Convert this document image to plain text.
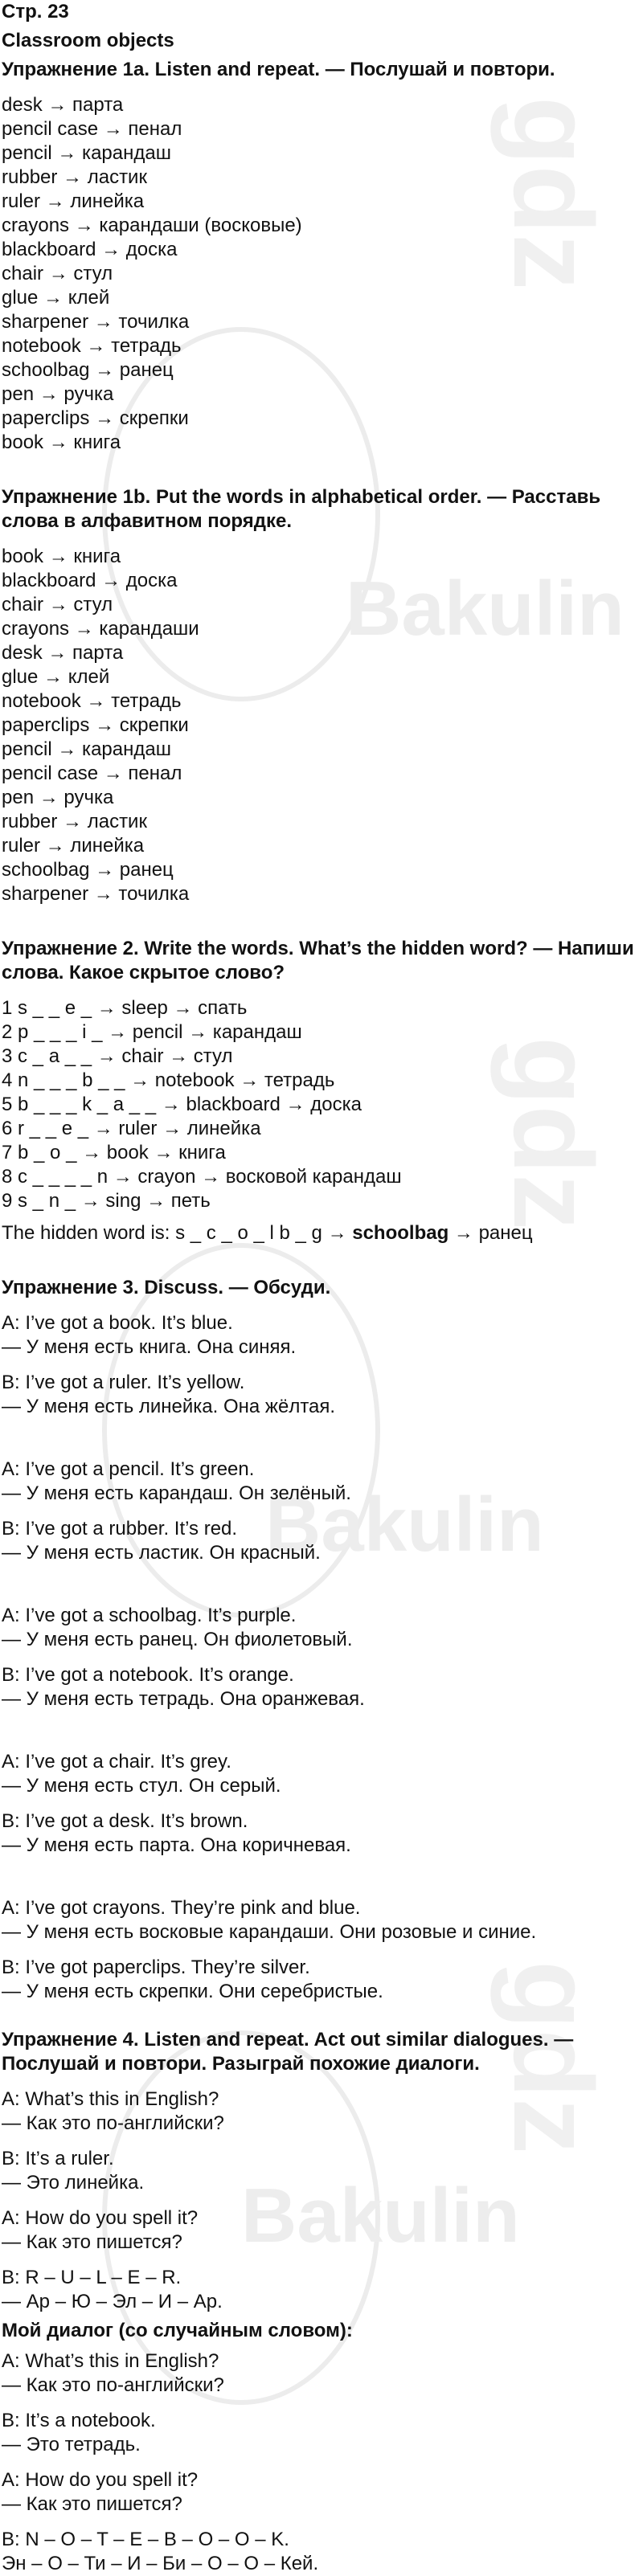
Bakulin
Bakulin
Bakulin
gdz
gdz
gdz

Стр. 23

Classroom objects

Упражнение 1a. Listen and repeat. — Послушай и повтори.

desk → парта

pencil case → пенал

pencil → карандаш

rubber → ластик

ruler → линейка

crayons → карандаши (восковые)

blackboard → доска

chair → стул

glue → клей

sharpener → точилка

notebook → тетрадь

schoolbag → ранец

pen → ручка

paperclips → скрепки

book → книга

Упражнение 1b. Put the words in alphabetical order. — Расставь
слова в алфавитном порядке.

book → книга

blackboard → доска

chair → стул

crayons → карандаши

desk → парта

glue → клей

notebook → тетрадь

paperclips → скрепки

pencil → карандаш

pencil case → пенал

pen → ручка

rubber → ластик

ruler → линейка

schoolbag → ранец

sharpener → точилка

Упражнение 2. Write the words. What’s the hidden word? — Напиши
слова. Какое скрытое слово?

1 s _ _ e _ → sleep → спать

2 p _ _ _ i _ → pencil → карандаш

3 c _ a _ _ → chair → стул

4 n _ _ _ b _ _ → notebook → тетрадь

5 b _ _ _ k _ a _ _ → blackboard → доска

6 r _ _ e _ → ruler → линейка

7 b _ o _ → book → книга

8 c _ _ _ _ n → crayon → восковой карандаш

9 s _ n _ → sing → петь

The hidden word is: s _ c _ o _ l b _ g → schoolbag → ранец

Упражнение 3. Discuss. — Обсуди.

A: I’ve got a book. It’s blue.

— У меня есть книга. Она синяя.

B: I’ve got a ruler. It’s yellow.

— У меня есть линейка. Она жёлтая.

A: I’ve got a pencil. It’s green.

— У меня есть карандаш. Он зелёный.

B: I’ve got a rubber. It’s red.

— У меня есть ластик. Он красный.

A: I’ve got a schoolbag. It’s purple.

— У меня есть ранец. Он фиолетовый.

B: I’ve got a notebook. It’s orange.

— У меня есть тетрадь. Она оранжевая.

A: I’ve got a chair. It’s grey.

— У меня есть стул. Он серый.

B: I’ve got a desk. It’s brown.

— У меня есть парта. Она коричневая.

A: I’ve got crayons. They’re pink and blue.

— У меня есть восковые карандаши. Они розовые и синие.

B: I’ve got paperclips. They’re silver.

— У меня есть скрепки. Они серебристые.

Упражнение 4. Listen and repeat. Act out similar dialogues. —
Послушай и повтори. Разыграй похожие диалоги.

A: What’s this in English?

— Как это по-английски?

B: It’s a ruler.

— Это линейка.

A: How do you spell it?

— Как это пишется?

B: R – U – L – E – R.

— Ар – Ю – Эл – И – Ар.

Мой диалог (со случайным словом):

A: What’s this in English?

— Как это по-английски?

B: It’s a notebook.

— Это тетрадь.

A: How do you spell it?

— Как это пишется?

B: N – O – T – E – B – O – O – K.

Эн – О – Ти – И – Би – О – О – Кей.
